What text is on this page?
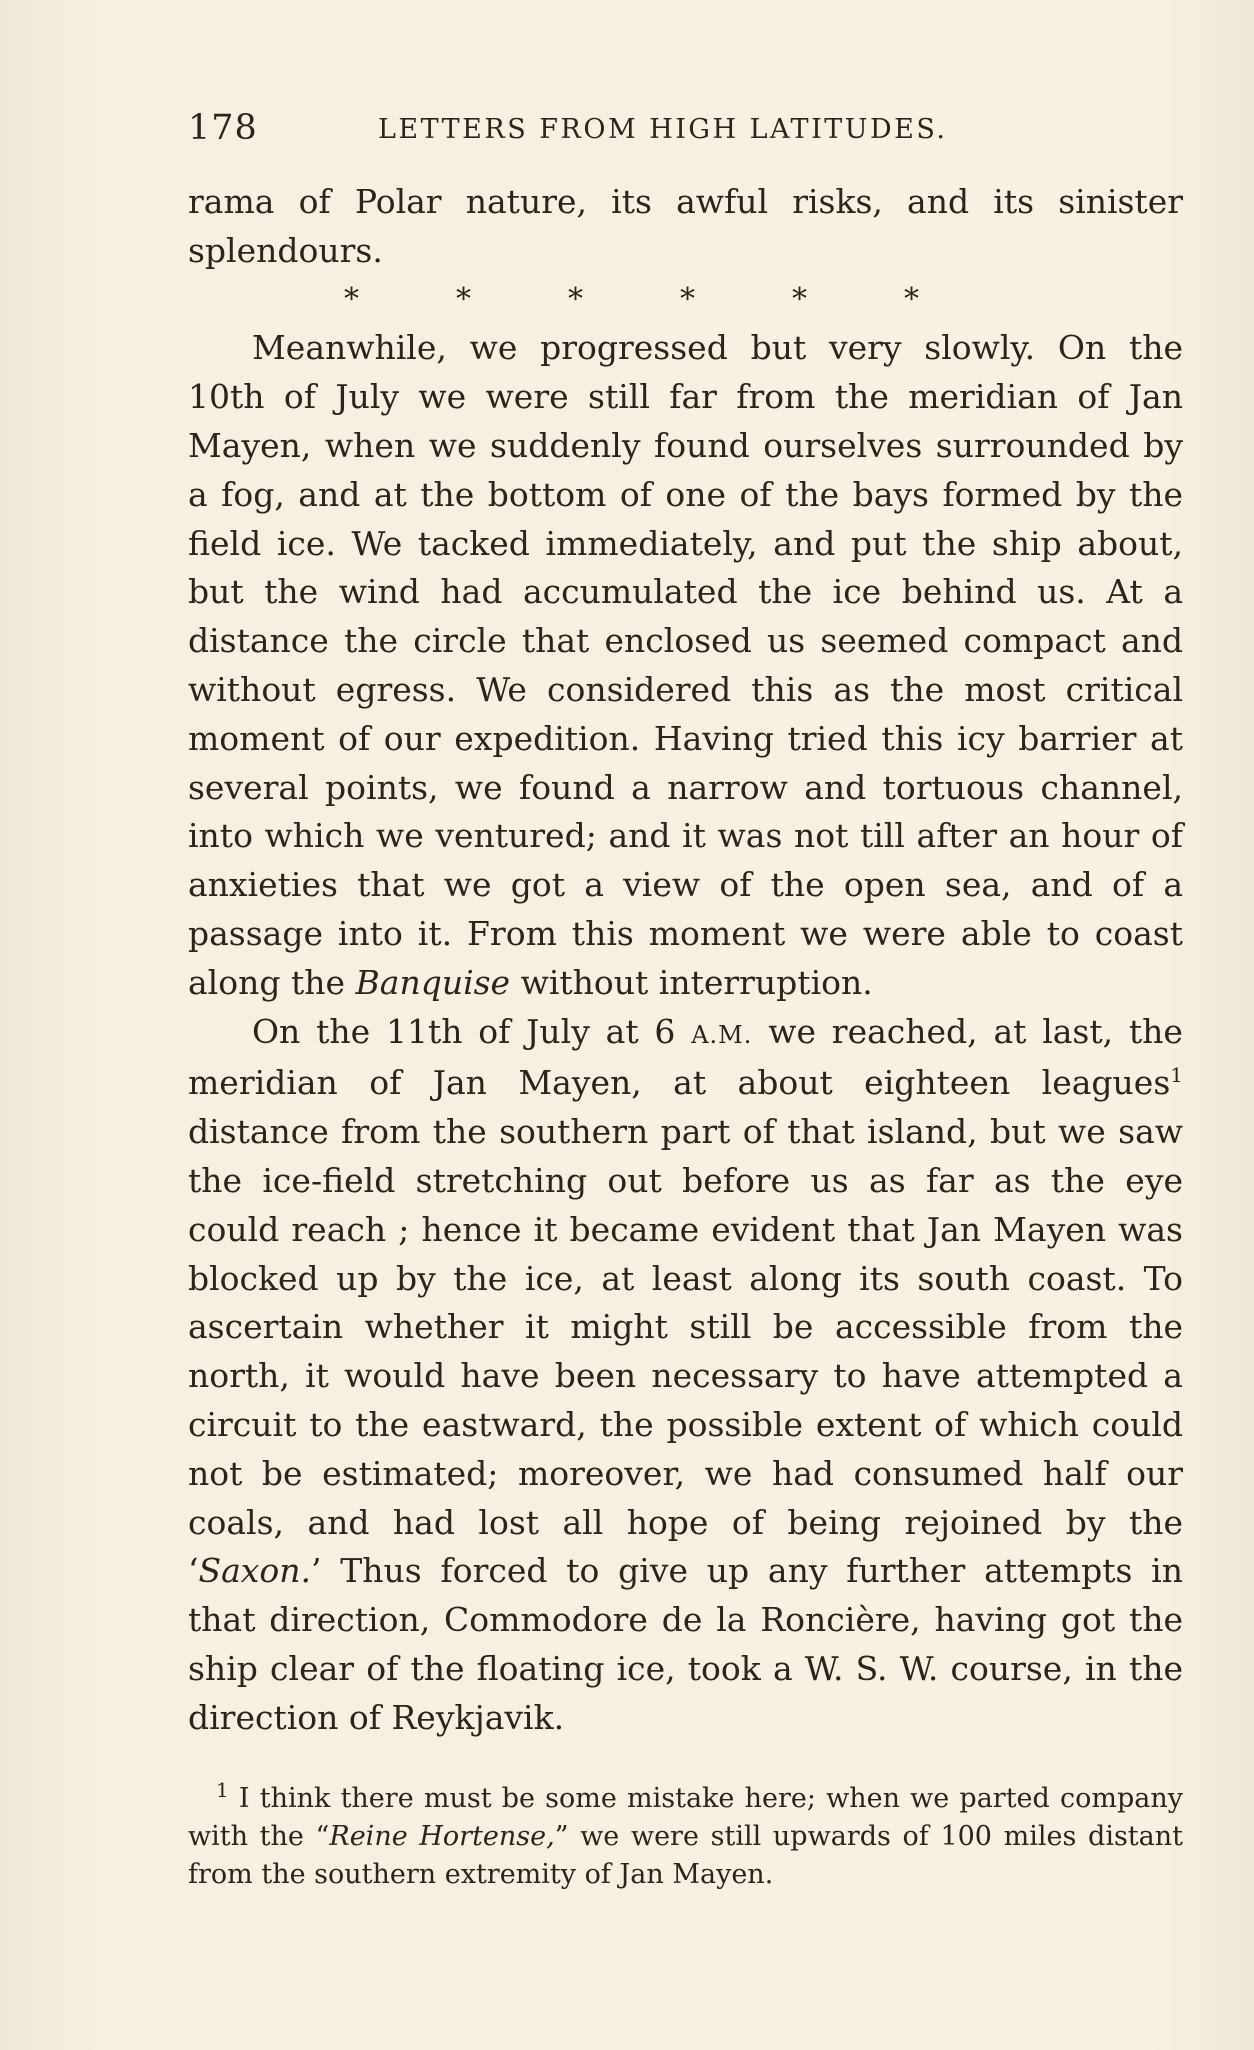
178	LETTERS FROM HIGH LATITUDES.

rama of Polar nature, its awful risks, and its sinister splendours.

*	*	*	*	*	*

Meanwhile, we progressed but very slowly. On the 10th of July we were still far from the meridian of Jan Mayen, when we suddenly found ourselves surrounded by a fog, and at the bottom of one of the bays formed by the field ice. We tacked immediately, and put the ship about, but the wind had accumulated the ice behind us. At a distance the circle that enclosed us seemed compact and without egress. We considered this as the most critical moment of our expedition. Having tried this icy barrier at several points, we found a narrow and tortuous channel, into which we ventured; and it was not till after an hour of anxieties that we got a view of the open sea, and of a passage into it. From this moment we were able to coast along the Banquise without interruption.

On the 11th of July at 6 A.M. we reached, at last, the meridian of Jan Mayen, at about eighteen leagues$^1$ distance from the southern part of that island, but we saw the ice-field stretching out before us as far as the eye could reach ; hence it became evident that Jan Mayen was blocked up by the ice, at least along its south coast. To ascertain whether it might still be accessible from the north, it would have been necessary to have attempted a circuit to the eastward, the possible extent of which could not be estimated; moreover, we had consumed half our coals, and had lost all hope of being rejoined by the ‘Saxon.’ Thus forced to give up any further attempts in that direction, Commodore de la Roncière, having got the ship clear of the floating ice, took a W. S. W. course, in the direction of Reykjavik.

$^1$ I think there must be some mistake here; when we parted company with the “Reine Hortense,” we were still upwards of 100 miles distant from the southern extremity of Jan Mayen.
